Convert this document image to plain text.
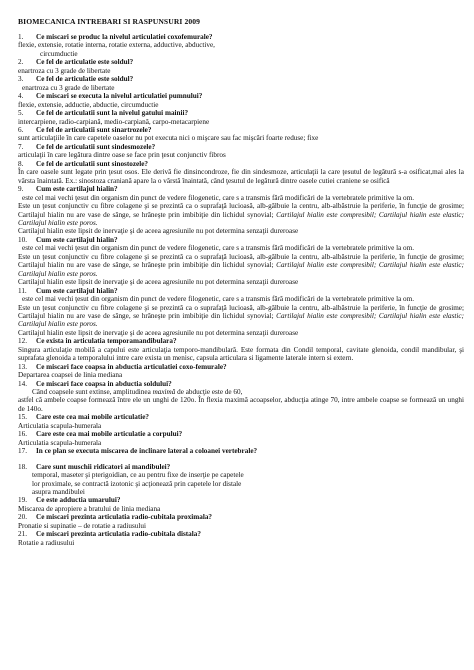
BIOMECANICA INTREBARI SI RASPUNSURI 2009
1. Ce miscari se produc la nivelul articulatiei coxofemurale?
flexie, extensie, rotatie interna, rotatie externa, adductive, abductive,
circumductie
2. Ce fel de articulatie este soldul?
enartroza cu 3 grade de libertate
3. Ce fel de articulatie este soldul?
enartroza cu 3 grade de libertate
4. Ce miscari se executa la nivelul articulatiei pumnului?
flexie, extensie, adductie, abductie, circumductie
5. Ce fel de articulatii sunt la nivelul gatului mainii?
intercarpiene, radio-carpiană, medio-carpiană, carpo-metacarpiene
6. Ce fel de articulatii sunt sinartrozele?
sunt articulaţiile în care capetele oaselor nu pot executa nici o mişcare sau fac mişcări foarte reduse; fixe
7. Ce fel de articulatii sunt sindesmozele?
articulaţii în care legătura dintre oase se face prin ţesut conjunctiv fibros
8. Ce fel de articulatii sunt sinostozele?
În care oasele sunt legate prin ţesut osos. Ele derivă fie dinsincondroze, fie din sindesmoze, articulaţii la care ţesutul de legătură s-a osificat,mai ales la vârsta înaintată. Ex.: sinostoza craniană apare la o vârstă înaintată, când ţesutul de legătură dintre oasele cutiei craniene se osifică
9. Cum este cartilajul hialin?
este cel mai vechi ţesut din organism din punct de vedere filogenetic, care s a transmis fără modificări de la vertebratele primitive la om.
Este un ţesut conjunctiv cu fibre colagene şi se prezintă ca o suprafaţă lucioasă, alb-gălbuie la centru, alb-albăstruie la periferie, în funcţie de grosime; Cartilajul hialin nu are vase de sânge, se hrăneşte prin imbibiţie din lichidul synovial; Cartilajul hialin este compresibil; Cartilajul hialin este elastic; Cartilajul hialin este poros.
Cartilajul hialin este lipsit de inervaţie şi de aceea agresiunile nu pot determina senzaţii dureroase
10. Cum este cartilajul hialin?
este cel mai vechi ţesut din organism din punct de vedere filogenetic, care s a transmis fără modificări de la vertebratele primitive la om.
Este un ţesut conjunctiv cu fibre colagene şi se prezintă ca o suprafaţă lucioasă, alb-gălbuie la centru, alb-albăstruie la periferie, în funcţie de grosime; Cartilajul hialin nu are vase de sânge, se hrăneşte prin imbibiţie din lichidul synovial; Cartilajul hialin este compresibil; Cartilajul hialin este elastic; Cartilajul hialin este poros.
Cartilajul hialin este lipsit de inervaţie şi de aceea agresiunile nu pot determina senzaţii dureroase
11. Cum este cartilajul hialin?
este cel mai vechi ţesut din organism din punct de vedere filogenetic, care s a transmis fără modificări de la vertebratele primitive la om.
Este un ţesut conjunctiv cu fibre colagene şi se prezintă ca o suprafaţă lucioasă, alb-gălbuie la centru, alb-albăstruie la periferie, în funcţie de grosime; Cartilajul hialin nu are vase de sânge, se hrăneşte prin imbibiţie din lichidul synovial; Cartilajul hialin este compresibil; Cartilajul hialin este elastic; Cartilajul hialin este poros.
Cartilajul hialin este lipsit de inervaţie şi de aceea agresiunile nu pot determina senzaţii dureroase
12. Ce exista in articulatia temporamandibulara?
Singura articulaţie mobilă a capului este articulaţia temporo-mandibulară. Este formata din Condil temporal, cavitate glenoida, condil mandibular, şi suprafata glenoida a temporalului intre care exista un menisc, capsula articulara si ligamente laterale intern si extern.
13. Ce miscari face coapsa in abductia articulatiei coxo-femurale?
Departarea coapsei de linia mediana
14. Ce miscari face coapsa in abductia soldului?
Când coapsele sunt extinse, amplitudinea maximă de abducţie este de 60,
astfel că ambele coapse formează între ele un unghi de 120o. În flexia maximă acoapselor, abducţia atinge 70, intre ambele coapse se formează un unghi de 140o.
15. Care este cea mai mobile articulatie?
Articulatia scapula-humerala
16. Care este cea mai mobile articulatie a corpului?
Articulatia scapula-humerala
17. In ce plan se executa miscarea de inclinare lateral a coloanei vertebrale?
18. Care sunt muschii ridicatori ai mandibulei?
temporal, maseter şi pterigoidian, ce au pentru fixe de inserţie pe capetele
lor proximale, se contractă izotonic şi acţionează prin capetele lor distale
asupra mandibulei
19. Ce este adductia umarului?
Miscarea de apropiere a bratului de linia mediana
20. Ce miscari prezinta articulatia radio-cubitala proximala?
Pronatie si supinatie – de rotatie a radiusului
21. Ce miscari prezinta articulatia radio-cubitala distala?
Rotatie a radiusului
